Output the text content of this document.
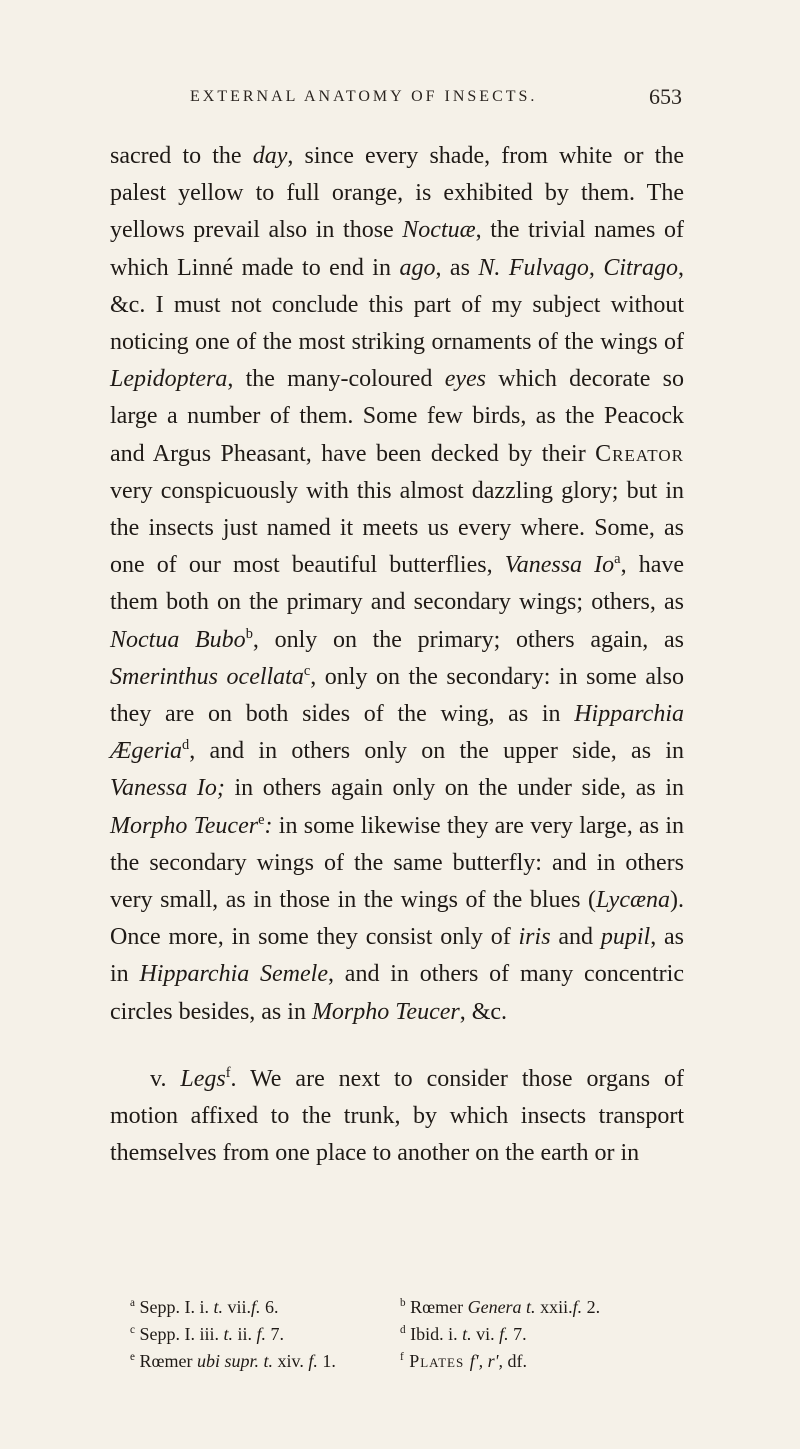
EXTERNAL ANATOMY OF INSECTS.	653

sacred to the day, since every shade, from white or the palest yellow to full orange, is exhibited by them. The yellows prevail also in those Noctuæ, the trivial names of which Linné made to end in ago, as N. Fulvago, Citrago, &c. I must not conclude this part of my subject without noticing one of the most striking ornaments of the wings of Lepidoptera, the many-coloured eyes which decorate so large a number of them. Some few birds, as the Peacock and Argus Pheasant, have been decked by their Creator very conspicuously with this almost dazzling glory; but in the insects just named it meets us every where. Some, as one of our most beautiful butterflies, Vanessa Io$^a$, have them both on the primary and secondary wings; others, as Noctua Bubo$^b$, only on the primary; others again, as Smerinthus ocellata$^c$, only on the secondary: in some also they are on both sides of the wing, as in Hipparchia Ægeria$^d$, and in others only on the upper side, as in Vanessa Io; in others again only on the under side, as in Morpho Teucer$^e$: in some likewise they are very large, as in the secondary wings of the same butterfly: and in others very small, as in those in the wings of the blues (Lycæna). Once more, in some they consist only of iris and pupil, as in Hipparchia Semele, and in others of many concentric circles besides, as in Morpho Teucer, &c.

v. Legs$^f$. We are next to consider those organs of motion affixed to the trunk, by which insects transport themselves from one place to another on the earth or in

$^a$ Sepp. I. i. t. vii.f. 6.	$^b$ Rœmer Genera t. xxii.f. 2.
$^c$ Sepp. I. iii. t. ii. f. 7.	$^d$ Ibid. i. t. vi. f. 7.
$^e$ Rœmer ubi supr. t. xiv. f. 1.	$^f$ Plates f', r', df.
